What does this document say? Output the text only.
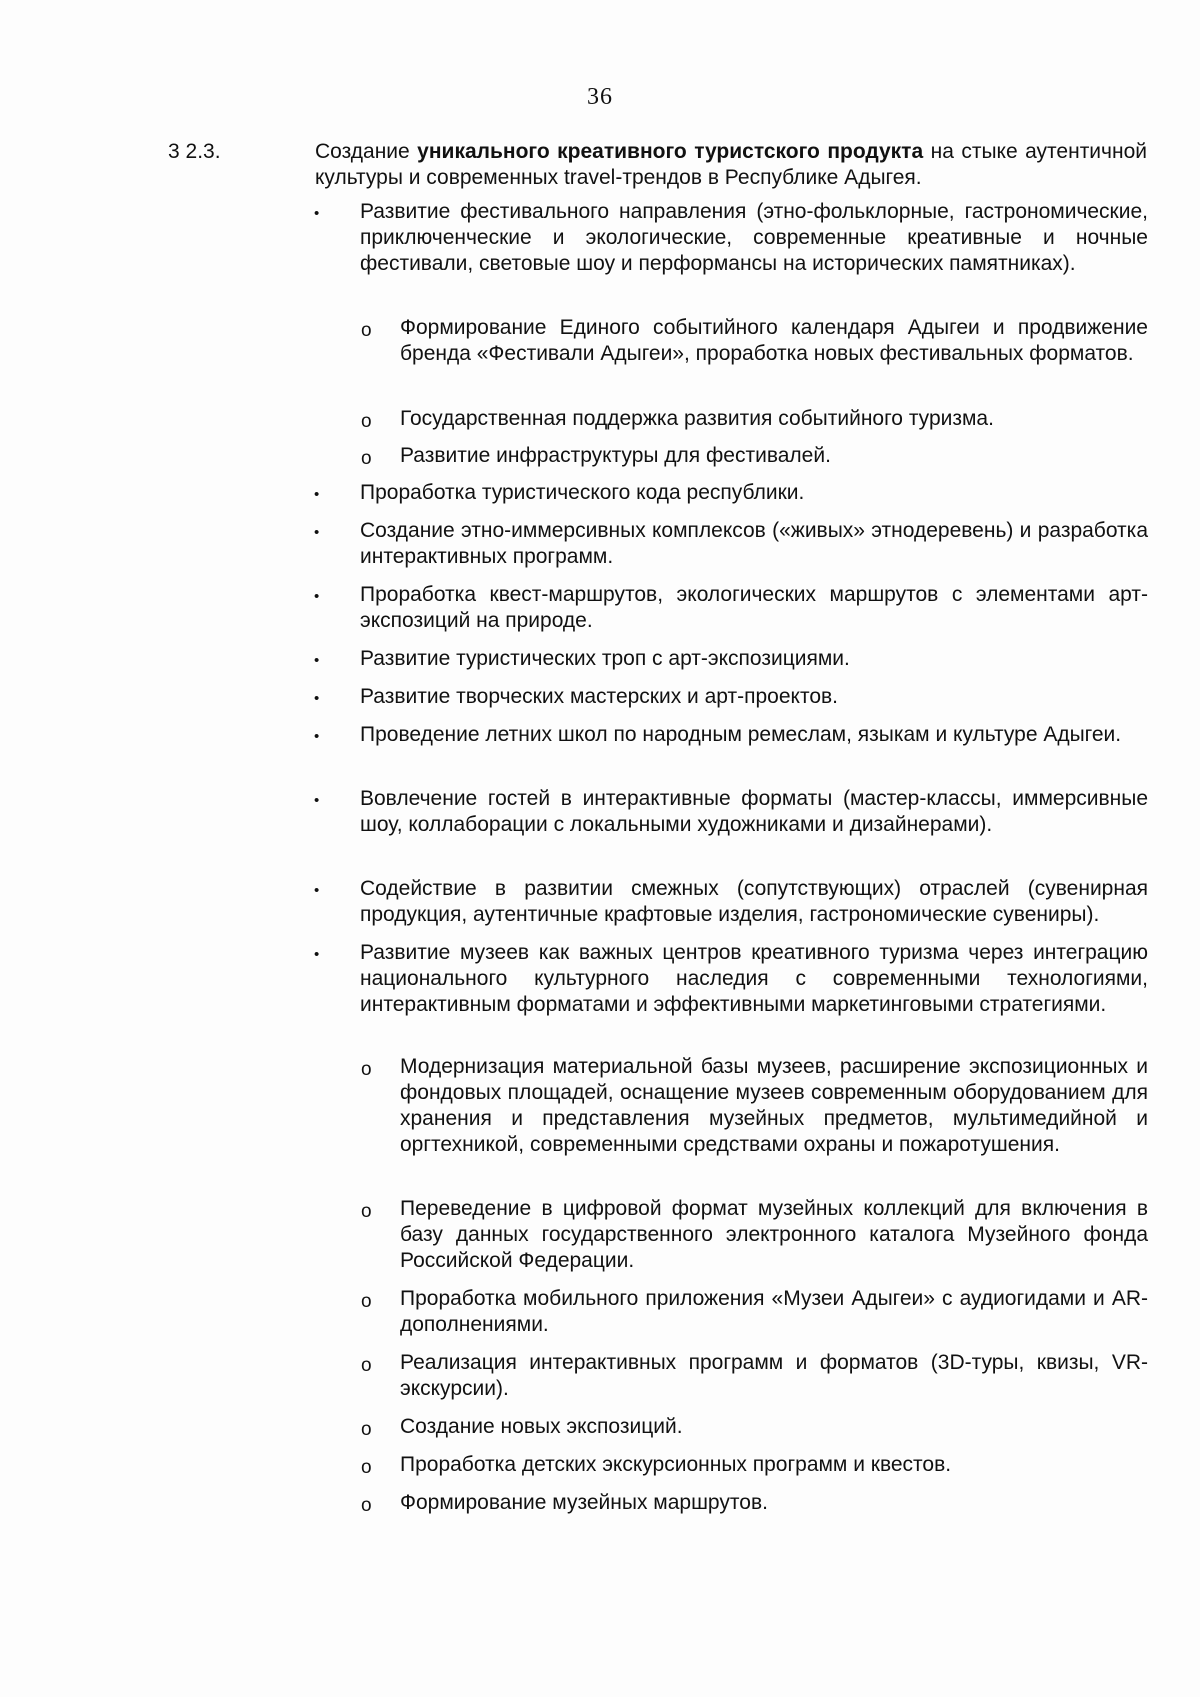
36
3 2.3.	Создание уникального креативного туристского продукта на стыке аутентичной культуры и современных travel-трендов в Республике Адыгея.
• Развитие фестивального направления (этно-фольклорные, гастрономические, приключенческие и экологические, современные креативные и ночные фестивали, световые шоу и перформансы на исторических памятниках).
o Формирование Единого событийного календаря Адыгеи и продвижение бренда «Фестивали Адыгеи», проработка новых фестивальных форматов.
o Государственная поддержка развития событийного туризма.
o Развитие инфраструктуры для фестивалей.
• Проработка туристического кода республики.
• Создание этно-иммерсивных комплексов («живых» этнодеревень) и разработка интерактивных программ.
• Проработка квест-маршрутов, экологических маршрутов с элементами арт-экспозиций на природе.
• Развитие туристических троп с арт-экспозициями.
• Развитие творческих мастерских и арт-проектов.
• Проведение летних школ по народным ремеслам, языкам и культуре Адыгеи.
• Вовлечение гостей в интерактивные форматы (мастер-классы, иммерсивные шоу, коллаборации с локальными художниками и дизайнерами).
• Содействие в развитии смежных (сопутствующих) отраслей (сувенирная продукция, аутентичные крафтовые изделия, гастрономические сувениры).
• Развитие музеев как важных центров креативного туризма через интеграцию национального культурного наследия с современными технологиями, интерактивным форматами и эффективными маркетинговыми стратегиями.
o Модернизация материальной базы музеев, расширение экспозиционных и фондовых площадей, оснащение музеев современным оборудованием для хранения и представления музейных предметов, мультимедийной и оргтехникой, современными средствами охраны и пожаротушения.
o Переведение в цифровой формат музейных коллекций для включения в базу данных государственного электронного каталога Музейного фонда Российской Федерации.
o Проработка мобильного приложения «Музеи Адыгеи» с аудиогидами и AR-дополнениями.
o Реализация интерактивных программ и форматов (3D-туры, квизы, VR-экскурсии).
o Создание новых экспозиций.
o Проработка детских экскурсионных программ и квестов.
o Формирование музейных маршрутов.
